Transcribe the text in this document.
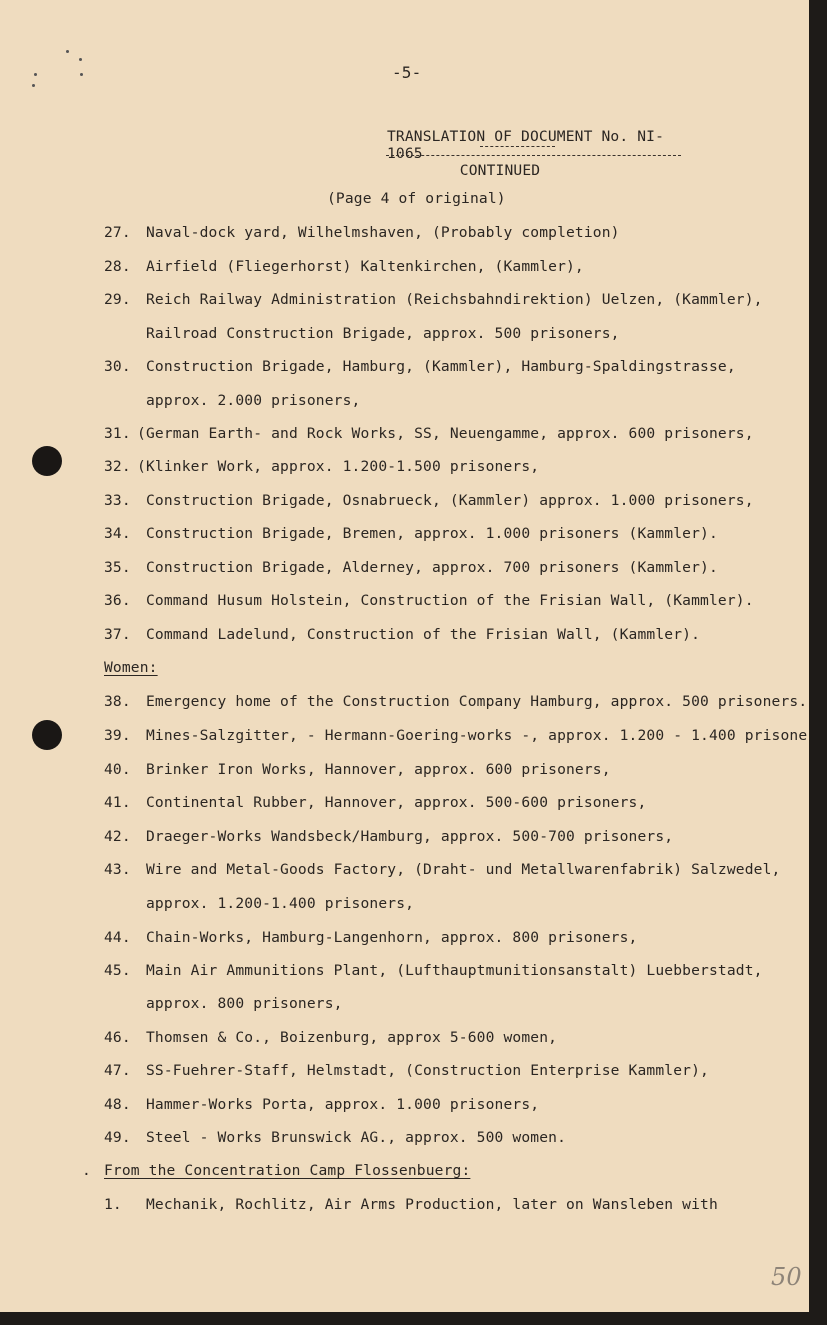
-5-
TRANSLATION OF DOCUMENT No. NI-1065
CONTINUED
(Page 4 of original)
27. Naval-dock yard, Wilhelmshaven, (Probably completion)
28. Airfield (Fliegerhorst) Kaltenkirchen, (Kammler),
29. Reich Railway Administration (Reichsbahndirektion) Uelzen, (Kammler),
Railroad Construction Brigade, approx. 500 prisoners,
30. Construction Brigade, Hamburg, (Kammler), Hamburg-Spaldingstrasse,
approx. 2.000 prisoners,
(
(
31. German Earth- and Rock Works, SS, Neuengamme, approx. 600 prisoners,
32. Klinker Work, approx. 1.200-1.500 prisoners,
33. Construction Brigade, Osnabrueck, (Kammler) approx. 1.000 prisoners,
34. Construction Brigade, Bremen, approx. 1.000 prisoners (Kammler).
35. Construction Brigade, Alderney, approx. 700 prisoners (Kammler).
36. Command Husum Holstein, Construction of the Frisian Wall, (Kammler).
37. Command Ladelund, Construction of the Frisian Wall, (Kammler).
Women:
38. Emergency home of the Construction Company Hamburg, approx. 500 prisoners.
39. Mines-Salzgitter, - Hermann-Goering-works -, approx. 1.200 - 1.400 prisone
40. Brinker Iron Works, Hannover, approx. 600 prisoners,
41. Continental Rubber, Hannover, approx. 500-600 prisoners,
42. Draeger-Works Wandsbeck/Hamburg, approx. 500-700 prisoners,
43. Wire and Metal-Goods Factory, (Draht- und Metallwarenfabrik) Salzwedel,
approx. 1.200-1.400 prisoners,
44. Chain-Works, Hamburg-Langenhorn, approx. 800 prisoners,
45. Main Air Ammunitions Plant, (Lufthauptmunitionsanstalt) Luebberstadt,
approx. 800 prisoners,
46. Thomsen & Co., Boizenburg, approx 5-600 women,
47. SS-Fuehrer-Staff, Helmstadt, (Construction Enterprise Kammler),
48. Hammer-Works Porta, approx. 1.000 prisoners,
49. Steel - Works Brunswick AG., approx. 500 women.
. From the Concentration Camp Flossenbuerg:
1. Mechanik, Rochlitz, Air Arms Production, later on Wansleben with
50
